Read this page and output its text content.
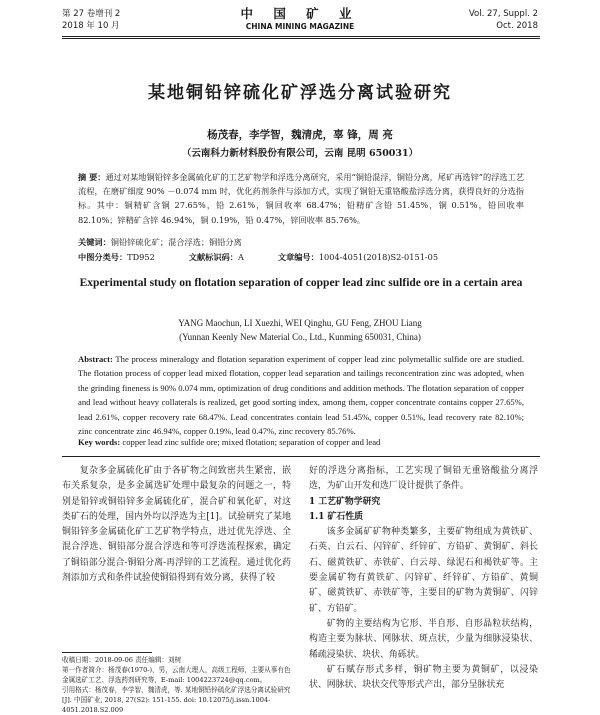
第 27 卷增刊 2
2018 年 10 月
中 国 矿 业
CHINA MINING MAGAZINE
Vol. 27, Suppl. 2
Oct. 2018
某地铜铅锌硫化矿浮选分离试验研究
杨茂春，李学智，魏清虎，辜 锋，周 亮
（云南科力新材料股份有限公司，云南 昆明 650031）
摘 要：通过对某地铜铅锌多金属硫化矿的工艺矿物学和浮选分离研究，采用“铜铅混浮，铜铅分离，尾矿再选锌”的浮选工艺流程，在磨矿细度 90% －0.074 mm 时，优化药剂条件与添加方式，实现了铜铅无重铬酸盐浮选分离，获得良好的分选指标。其中：铜精矿含铜 27.65%，铅 2.61%，铜回收率 68.47%；铅精矿含铅 51.45%，铜 0.51%，铅回收率 82.10%；锌精矿含锌 46.94%，铜 0.19%，铅 0.47%，锌回收率 85.76%。
关键词：铜铅锌硫化矿；混合浮选；铜铅分离
中图分类号：TD952	文献标识码：A	文章编号：1004-4051(2018)S2-0151-05
Experimental study on flotation separation of copper lead zinc sulfide ore in a certain area
YANG Maochun, LI Xuezhi, WEI Qinghu, GU Feng, ZHOU Liang
(Yunnan Keenly New Material Co., Ltd., Kunming 650031, China)
Abstract: The process mineralogy and flotation separation experiment of copper lead zinc polymetallic sulfide ore are studied. The flotation process of copper lead mixed flotation, copper lead separation and tailings reconcentration zinc was adopted, when the grinding fineness is 90% 0.074 mm, optimization of drug conditions and addition methods. The flotation separation of copper and lead without heavy collaterals is realized, get good sorting index, among them, copper concentrate contains copper 27.65%, lead 2.61%, copper recovery rate 68.47%. Lead concentrates contain lead 51.45%, copper 0.51%, lead recovery rate 82.10%; zinc concentrate zinc 46.94%, copper 0.19%, lead 0.47%, zinc recovery 85.76%.
Key words: copper lead zinc sulfide ore; mixed flotation; separation of copper and lead
复杂多金属硫化矿由于各矿物之间致密共生紧密，嵌布关系复杂，是多金属选矿处理中最复杂的问题之一，特别是铅锌或铜铅锌多金属硫化矿，混合矿和氧化矿，对这类矿石的处理，国内外均以浮选为主[1]。试验研究了某地铜铅锌多金属硫化矿工艺矿物学特点，进过优先浮选、全混合浮选、铜铅部分混合浮选和等可浮选流程探索，确定了铜铅部分混合-铜铅分离-再浮锌的工艺流程。通过优化药剂添加方式和条件试验使铜铅得到有效分离，获得了较
好的浮选分离指标，工艺实现了铜铅无重铬酸盐分离浮选，为矿山开发和选厂设计提供了条件。
1 工艺矿物学研究
1.1 矿石性质
该多金属矿矿物种类繁多，主要矿物组成为黄铁矿、石英、白云石、闪锌矿、纤锌矿、方铅矿、黄铜矿、斜长石、磁黄铁矿、赤铁矿、白云母、绿泥石和褐铁矿等。主要金属矿物有黄铁矿、闪锌矿、纤锌矿、方铅矿、黄铜矿、磁黄铁矿、赤铁矿等，主要目的矿物为黄铜矿、闪锌矿、方铅矿。
矿物的主要结构为它形、半自形、自形晶粒状结构，构造主要为脉状、网脉状、斑点状，少量为细脉浸染状、稀疏浸染状、块状、角砾状。
矿石赋存形式多样，铜矿物主要为黄铜矿，以浸染状、网脉状、块状交代等形式产出，部分呈脉状充
收稿日期：2018-09-06 责任编辑：刘树
第一作者简介：杨茂春(1970-)，男，云南大理人，高级工程师，主要从事有色金属选矿工艺、浮选药剂研究等，E-mail: 1004223724@qq.com。
引用格式：杨茂春，李学智，魏清虎，等. 某地铜铅锌硫化矿浮选分离试验研究[J]. 中国矿业, 2018, 27(S2): 151-155. doi: 10.12075/j.issn.1004-4051.2018.S2.009
